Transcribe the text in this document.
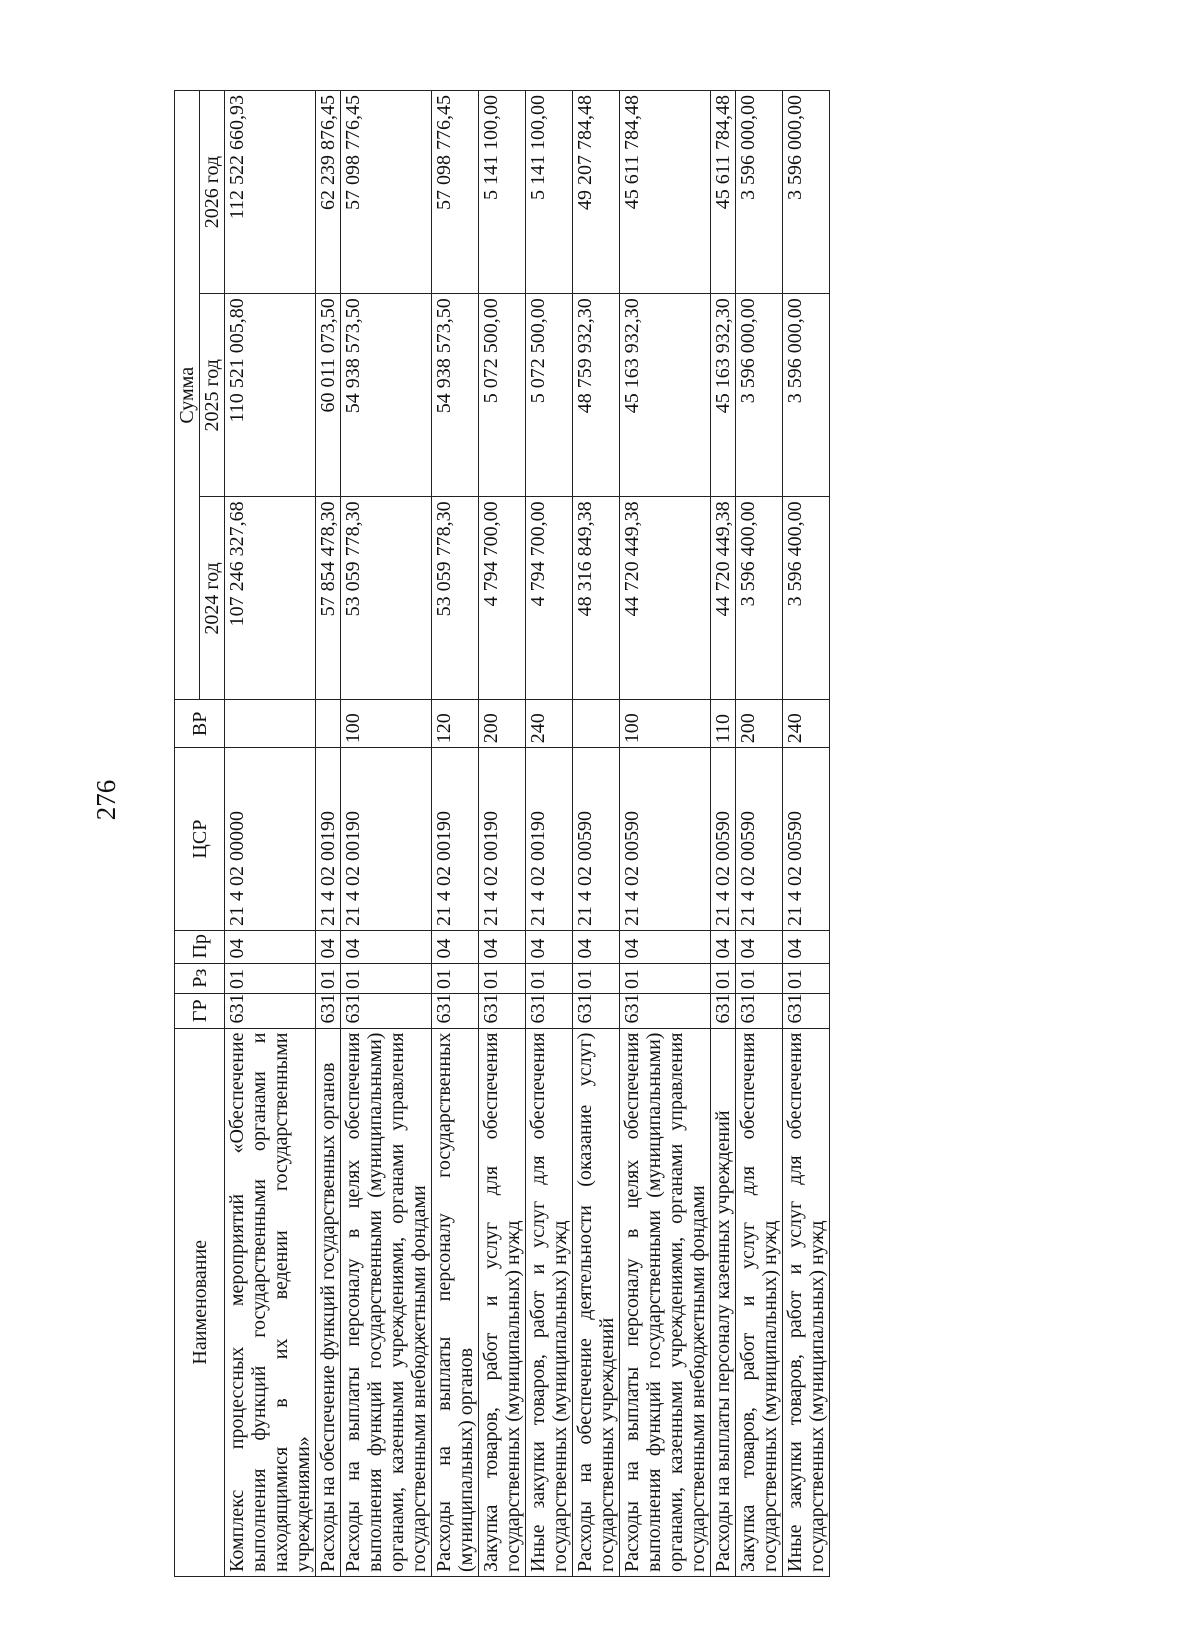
276
Наименование	ГР	Рз	Пр	ЦСР	ВР	Сумма		
						2024 год	2025 год	2026 год
Комплекс процессных мероприятий «Обеспечение выполнения функций государственными органами и находящимися в их ведении государственными учреждениями»	631	01	04	21 4 02 00000		107 246 327,68	110 521 005,80	112 522 660,93
Расходы на обеспечение функций государственных органов	631	01	04	21 4 02 00190		57 854 478,30	60 011 073,50	62 239 876,45
Расходы на выплаты персоналу в целях обеспечения выполнения функций государственными (муниципальными) органами, казенными учреждениями, органами управления государственными внебюджетными фондами	631	01	04	21 4 02 00190	100	53 059 778,30	54 938 573,50	57 098 776,45
Расходы на выплаты персоналу государственных (муниципальных) органов	631	01	04	21 4 02 00190	120	53 059 778,30	54 938 573,50	57 098 776,45
Закупка товаров, работ и услуг для обеспечения государственных (муниципальных) нужд	631	01	04	21 4 02 00190	200	4 794 700,00	5 072 500,00	5 141 100,00
Иные закупки товаров, работ и услуг для обеспечения государственных (муниципальных) нужд	631	01	04	21 4 02 00190	240	4 794 700,00	5 072 500,00	5 141 100,00
Расходы на обеспечение деятельности (оказание услуг) государственных учреждений	631	01	04	21 4 02 00590		48 316 849,38	48 759 932,30	49 207 784,48
Расходы на выплаты персоналу в целях обеспечения выполнения функций государственными (муниципальными) органами, казенными учреждениями, органами управления государственными внебюджетными фондами	631	01	04	21 4 02 00590	100	44 720 449,38	45 163 932,30	45 611 784,48
Расходы на выплаты персоналу казенных учреждений	631	01	04	21 4 02 00590	110	44 720 449,38	45 163 932,30	45 611 784,48
Закупка товаров, работ и услуг для обеспечения государственных (муниципальных) нужд	631	01	04	21 4 02 00590	200	3 596 400,00	3 596 000,00	3 596 000,00
Иные закупки товаров, работ и услуг для обеспечения государственных (муниципальных) нужд	631	01	04	21 4 02 00590	240	3 596 400,00	3 596 000,00	3 596 000,00
